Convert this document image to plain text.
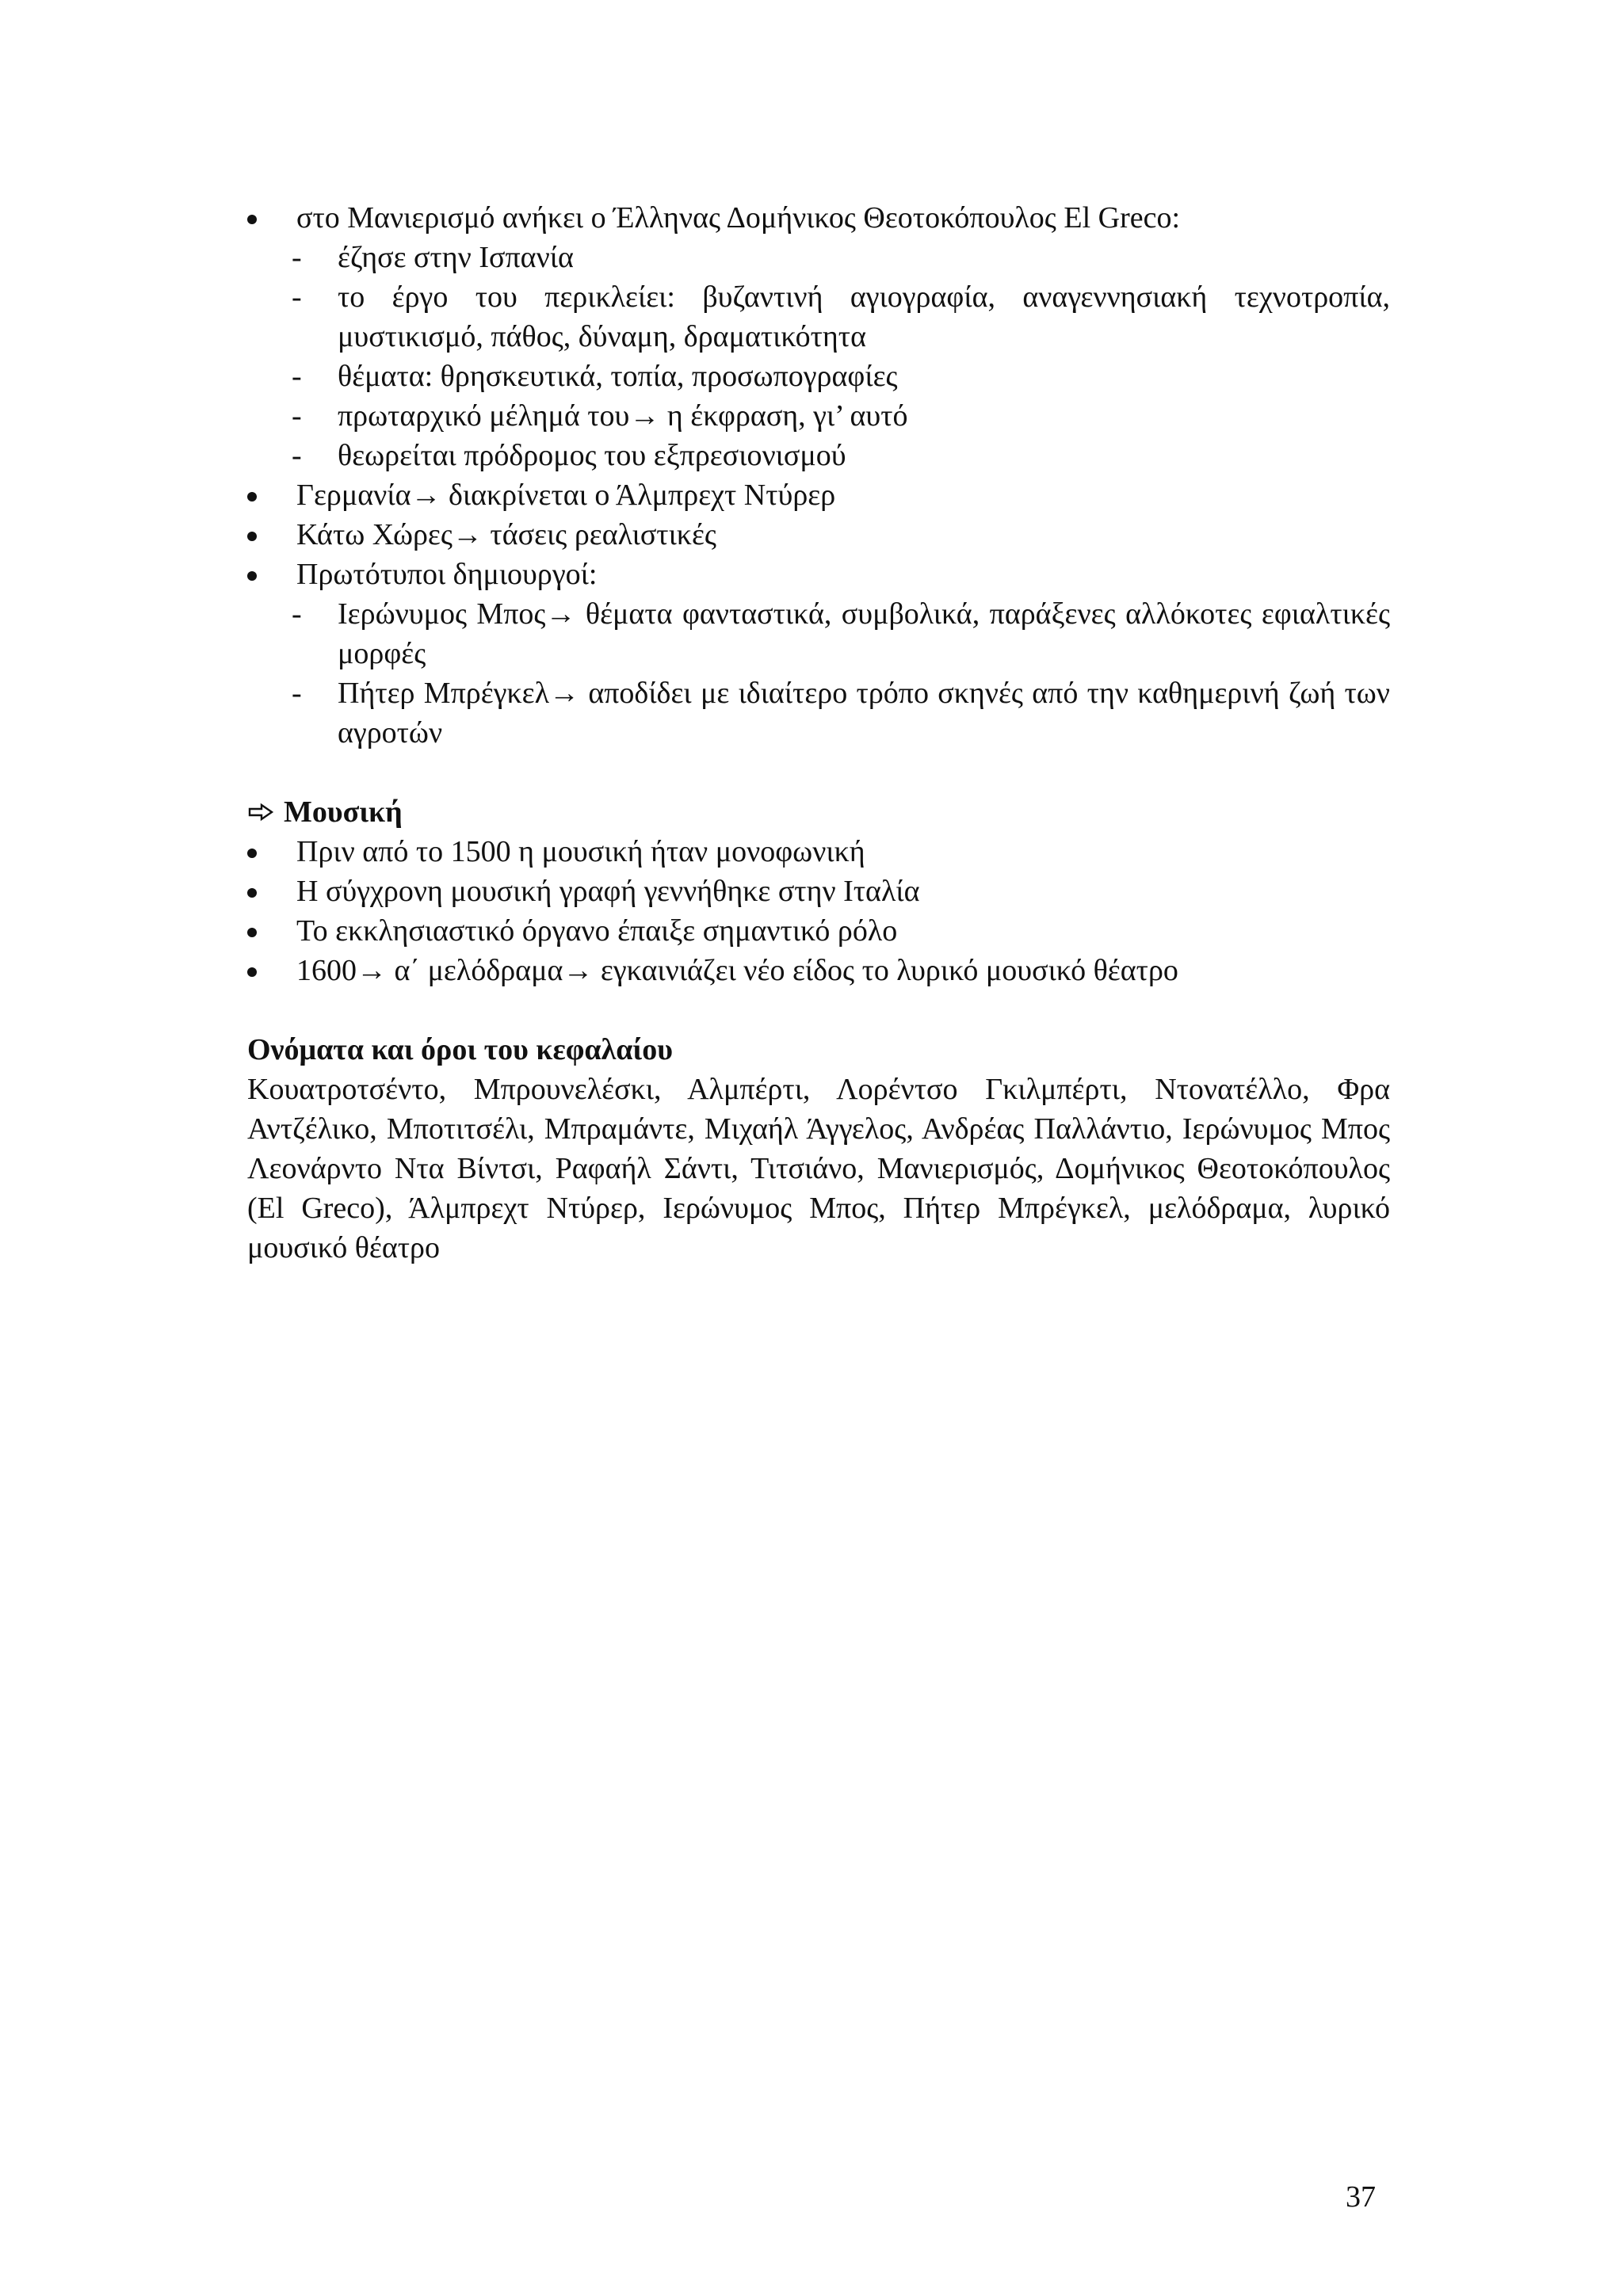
στο Μανιερισμό ανήκει ο Έλληνας Δομήνικος Θεοτοκόπουλος El Greco:
- έζησε στην Ισπανία
- το έργο του περικλείει: βυζαντινή αγιογραφία, αναγεννησιακή τεχνοτροπία, μυστικισμό, πάθος, δύναμη, δραματικότητα
- θέματα: θρησκευτικά, τοπία, προσωπογραφίες
- πρωταρχικό μέλημά του→ η έκφραση, γι’ αυτό
- θεωρείται πρόδρομος του εξπρεσιονισμού
Γερμανία→ διακρίνεται ο Άλμπρεχτ Ντύρερ
Κάτω Χώρες→ τάσεις ρεαλιστικές
Πρωτότυποι δημιουργοί:
- Ιερώνυμος Μπος→ θέματα φανταστικά, συμβολικά, παράξενες αλλόκοτες εφιαλτικές μορφές
- Πήτερ Μπρέγκελ→ αποδίδει με ιδιαίτερο τρόπο σκηνές από την καθημερινή ζωή των αγροτών
Μουσική
Πριν από το 1500 η μουσική ήταν μονοφωνική
Η σύγχρονη μουσική γραφή γεννήθηκε στην Ιταλία
Το εκκλησιαστικό όργανο έπαιξε σημαντικό ρόλο
1600→ α΄ μελόδραμα→ εγκαινιάζει νέο είδος το λυρικό μουσικό θέατρο
Ονόματα και όροι του κεφαλαίου
Κουατροτσέντο, Μπρουνελέσκι, Αλμπέρτι, Λορέντσο Γκιλμπέρτι, Ντονατέλλο, Φρα Αντζέλικο, Μποτιτσέλι, Μπραμάντε, Μιχαήλ Άγγελος, Ανδρέας Παλλάντιο, Ιερώνυμος Μπος Λεονάρντο Ντα Βίντσι, Ραφαήλ Σάντι, Τιτσιάνο, Μανιερισμός, Δομήνικος Θεοτοκόπουλος (El Greco), Άλμπρεχτ Ντύρερ, Ιερώνυμος Μπος, Πήτερ Μπρέγκελ, μελόδραμα, λυρικό μουσικό θέατρο
37
